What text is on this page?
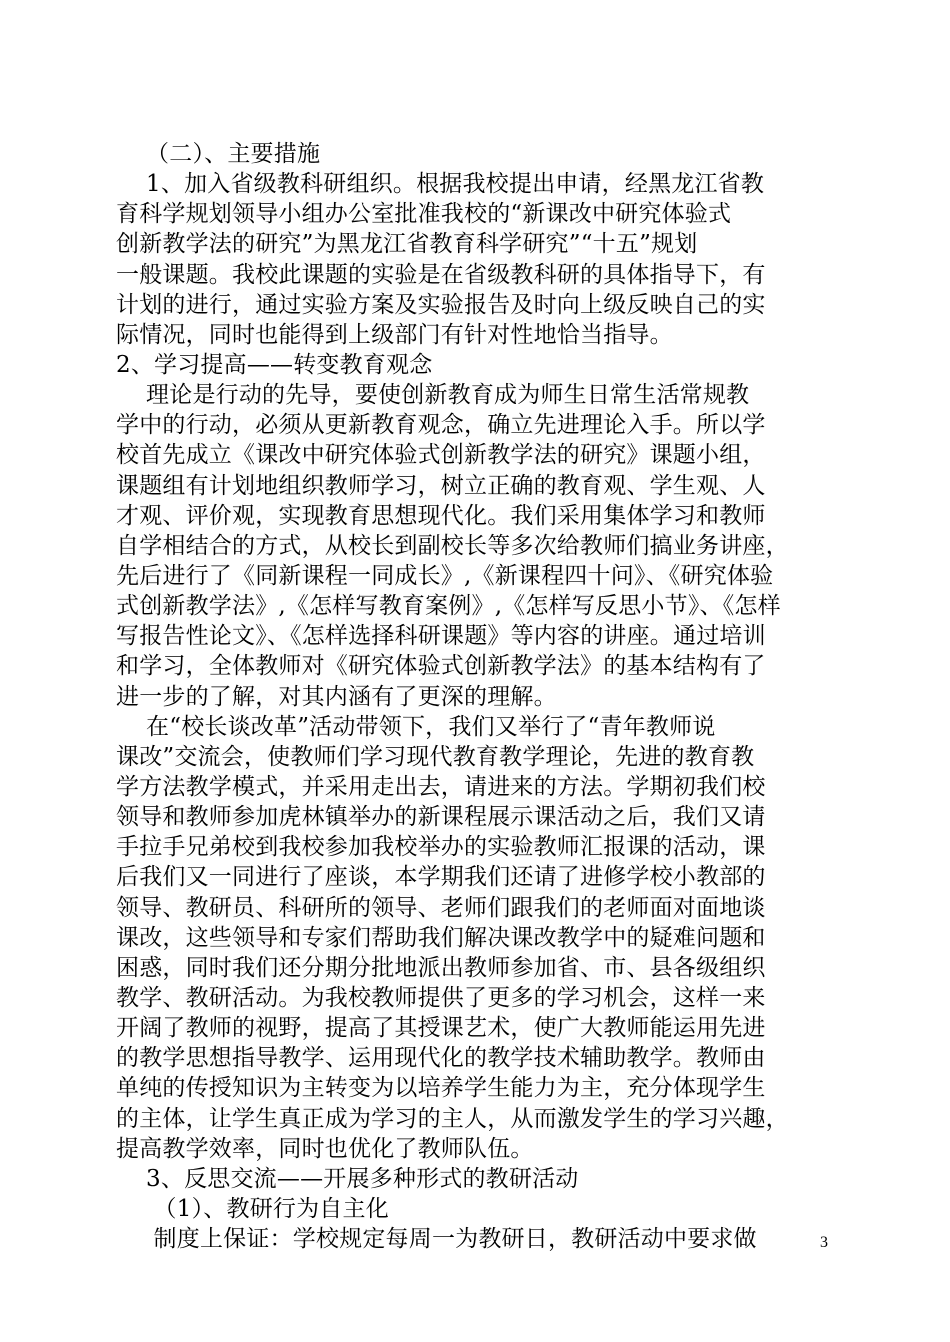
（二）、主要措施
1、加入省级教科研组织。根据我校提出申请，经黑龙江省教
育科学规划领导小组办公室批准我校的“新课改中研究体验式
创新教学法的研究”为黑龙江省教育科学研究”“十五”规划
一般课题。我校此课题的实验是在省级教科研的具体指导下，有
计划的进行，通过实验方案及实验报告及时向上级反映自己的实
际情况，同时也能得到上级部门有针对性地恰当指导。
2、学习提高——转变教育观念
理论是行动的先导，要使创新教育成为师生日常生活常规教
学中的行动，必须从更新教育观念，确立先进理论入手。所以学
校首先成立《课改中研究体验式创新教学法的研究》课题小组，
课题组有计划地组织教师学习，树立正确的教育观、学生观、人
才观、评价观，实现教育思想现代化。我们采用集体学习和教师
自学相结合的方式，从校长到副校长等多次给教师们搞业务讲座，
先后进行了《同新课程一同成长》,《新课程四十问》、《研究体验
式创新教学法》,《怎样写教育案例》,《怎样写反思小节》、《怎样
写报告性论文》、《怎样选择科研课题》等内容的讲座。通过培训
和学习，全体教师对《研究体验式创新教学法》的基本结构有了
进一步的了解，对其内涵有了更深的理解。
在“校长谈改革”活动带领下，我们又举行了“青年教师说
课改”交流会，使教师们学习现代教育教学理论，先进的教育教
学方法教学模式，并采用走出去，请进来的方法。学期初我们校
领导和教师参加虎林镇举办的新课程展示课活动之后，我们又请
手拉手兄弟校到我校参加我校举办的实验教师汇报课的活动，课
后我们又一同进行了座谈，本学期我们还请了进修学校小教部的
领导、教研员、科研所的领导、老师们跟我们的老师面对面地谈
课改，这些领导和专家们帮助我们解决课改教学中的疑难问题和
困惑，同时我们还分期分批地派出教师参加省、市、县各级组织
教学、教研活动。为我校教师提供了更多的学习机会，这样一来
开阔了教师的视野，提高了其授课艺术，使广大教师能运用先进
的教学思想指导教学、运用现代化的教学技术辅助教学。教师由
单纯的传授知识为主转变为以培养学生能力为主，充分体现学生
的主体，让学生真正成为学习的主人，从而激发学生的学习兴趣，
提高教学效率，同时也优化了教师队伍。
3、反思交流——开展多种形式的教研活动
（1）、教研行为自主化
制度上保证：学校规定每周一为教研日，教研活动中要求做	3
